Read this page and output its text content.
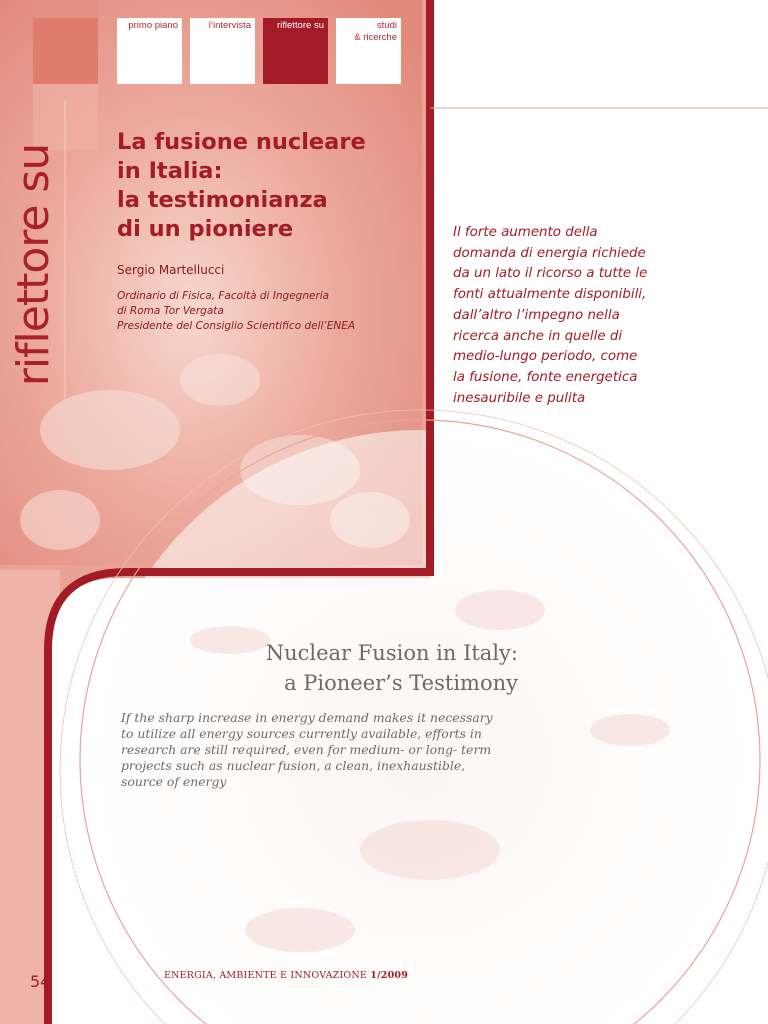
riflettore su
primo piano	l’intervista	riflettore su	studi
& ricerche
La fusione nucleare
in Italia:
la testimonianza
di un pioniere
Sergio Martellucci
Ordinario di Fisica, Facoltà di Ingegneria
di Roma Tor Vergata
Presidente del Consiglio Scientifico dell’ENEA
Il forte aumento della
domanda di energia richiede
da un lato il ricorso a tutte le
fonti attualmente disponibili,
dall’altro l’impegno nella
ricerca anche in quelle di
medio-lungo periodo, come
la fusione, fonte energetica
inesauribile e pulita
Nuclear Fusion in Italy:
a Pioneer’s Testimony
If the sharp increase in energy demand makes it necessary
to utilize all energy sources currently available, efforts in
research are still required, even for medium- or long- term
projects such as nuclear fusion, a clean, inexhaustible,
source of energy
54	ENERGIA, AMBIENTE E INNOVAZIONE 1/2009
